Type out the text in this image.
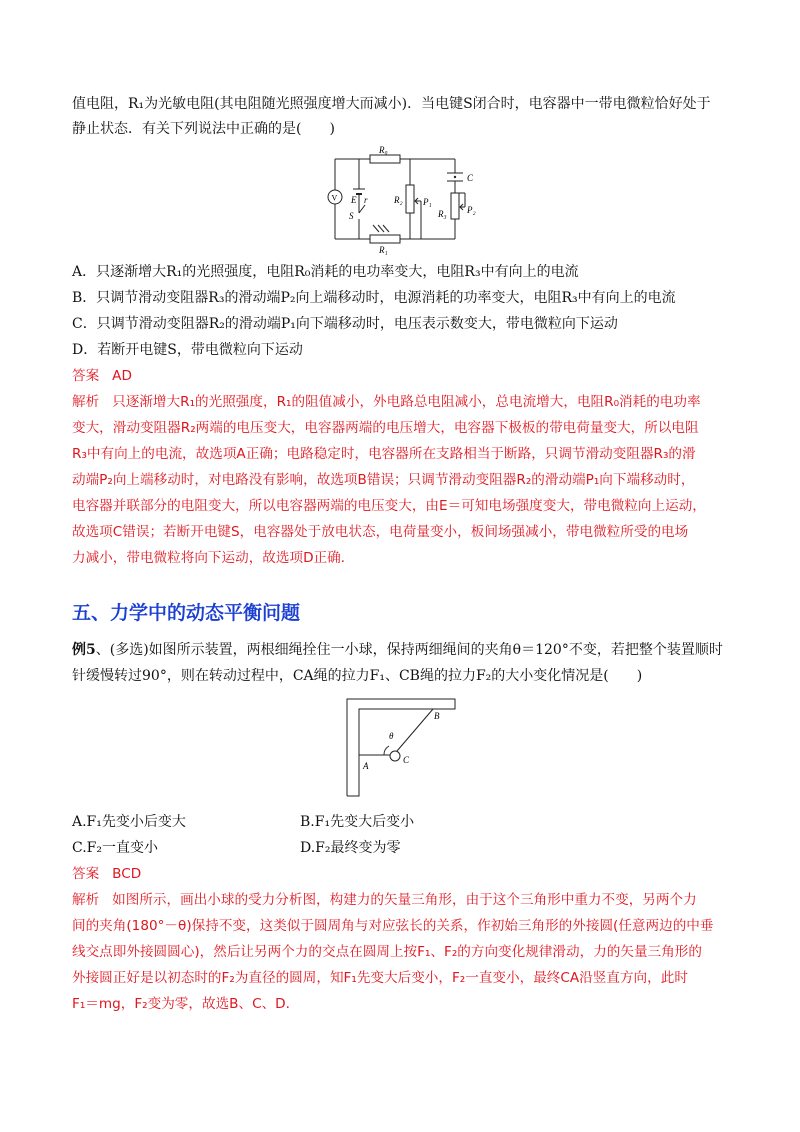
值电阻，R₁为光敏电阻(其电阻随光照强度增大而减小)．当电键S闭合时，电容器中一带电微粒恰好处于
静止状态．有关下列说法中正确的是(　　)
R₀
C
V E r	R₂ P₁
R₃ P₂
S
R₁
A．只逐渐增大R₁的光照强度，电阻R₀消耗的电功率变大，电阻R₃中有向上的电流
B．只调节滑动变阻器R₃的滑动端P₂向上端移动时，电源消耗的功率变大，电阻R₃中有向上的电流
C．只调节滑动变阻器R₂的滑动端P₁向下端移动时，电压表示数变大，带电微粒向下运动
D．若断开电键S，带电微粒向下运动
答案 AD
解析 只逐渐增大R₁的光照强度，R₁的阻值减小，外电路总电阻减小，总电流增大，电阻R₀消耗的电功率
变大，滑动变阻器R₂两端的电压变大，电容器两端的电压增大，电容器下极板的带电荷量变大，所以电阻
R₃中有向上的电流，故选项A正确；电路稳定时，电容器所在支路相当于断路，只调节滑动变阻器R₃的滑
动端P₂向上端移动时，对电路没有影响，故选项B错误；只调节滑动变阻器R₂的滑动端P₁向下端移动时，
电容器并联部分的电阻变大，所以电容器两端的电压变大，由E＝可知电场强度变大，带电微粒向上运动，
故选项C错误；若断开电键S，电容器处于放电状态，电荷量变小，板间场强减小，带电微粒所受的电场
力减小，带电微粒将向下运动，故选项D正确．
五、力学中的动态平衡问题
例5、(多选)如图所示装置，两根细绳拴住一小球，保持两细绳间的夹角θ＝120°不变，若把整个装置顺时
针缓慢转过90°，则在转动过程中，CA绳的拉力F₁、CB绳的拉力F₂的大小变化情况是(　　)
B
θ
A
C
A.F₁先变小后变大	B.F₁先变大后变小
C.F₂一直变小	D.F₂最终变为零
答案 BCD
解析 如图所示，画出小球的受力分析图，构建力的矢量三角形，由于这个三角形中重力不变，另两个力
间的夹角(180°－θ)保持不变，这类似于圆周角与对应弦长的关系，作初始三角形的外接圆(任意两边的中垂
线交点即外接圆圆心)，然后让另两个力的交点在圆周上按F₁、F₂的方向变化规律滑动，力的矢量三角形的
外接圆正好是以初态时的F₂为直径的圆周，知F₁先变大后变小，F₂一直变小，最终CA沿竖直方向，此时
F₁＝mg，F₂变为零，故选B、C、D.
